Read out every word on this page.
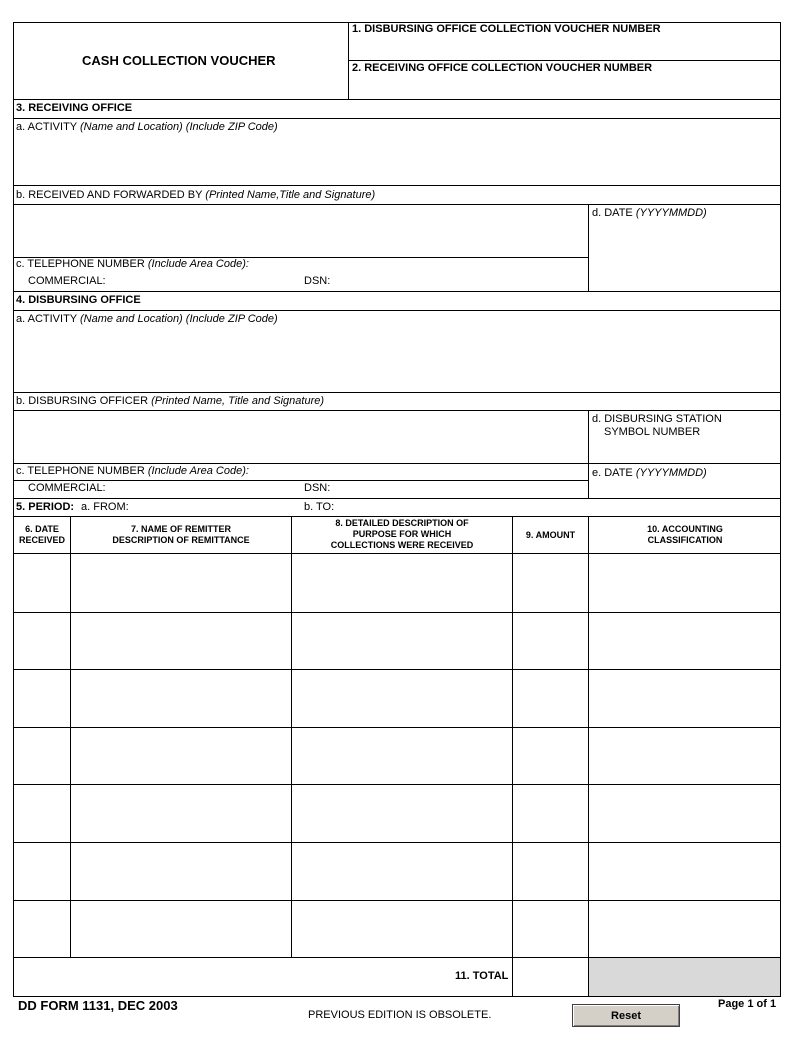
CASH COLLECTION VOUCHER
1. DISBURSING OFFICE COLLECTION VOUCHER NUMBER
2. RECEIVING OFFICE COLLECTION VOUCHER NUMBER
3. RECEIVING OFFICE
a. ACTIVITY (Name and Location) (Include ZIP Code)
b. RECEIVED AND FORWARDED BY (Printed Name,Title and Signature)
d. DATE (YYYYMMDD)
c. TELEPHONE NUMBER (Include Area Code):
COMMERCIAL:	DSN:
4. DISBURSING OFFICE
a. ACTIVITY (Name and Location) (Include ZIP Code)
b. DISBURSING OFFICER (Printed Name, Title and Signature)
d. DISBURSING STATION
SYMBOL NUMBER
c. TELEPHONE NUMBER (Include Area Code):	e. DATE (YYYYMMDD)
COMMERCIAL:	DSN:
5. PERIOD: a. FROM:	b. TO:
6. DATE
RECEIVED
7. NAME OF REMITTER
DESCRIPTION OF REMITTANCE
8. DETAILED DESCRIPTION OF
PURPOSE FOR WHICH
COLLECTIONS WERE RECEIVED
9. AMOUNT
10. ACCOUNTING
CLASSIFICATION
11. TOTAL
DD FORM 1131, DEC 2003
PREVIOUS EDITION IS OBSOLETE.	Reset
Page 1 of 1
